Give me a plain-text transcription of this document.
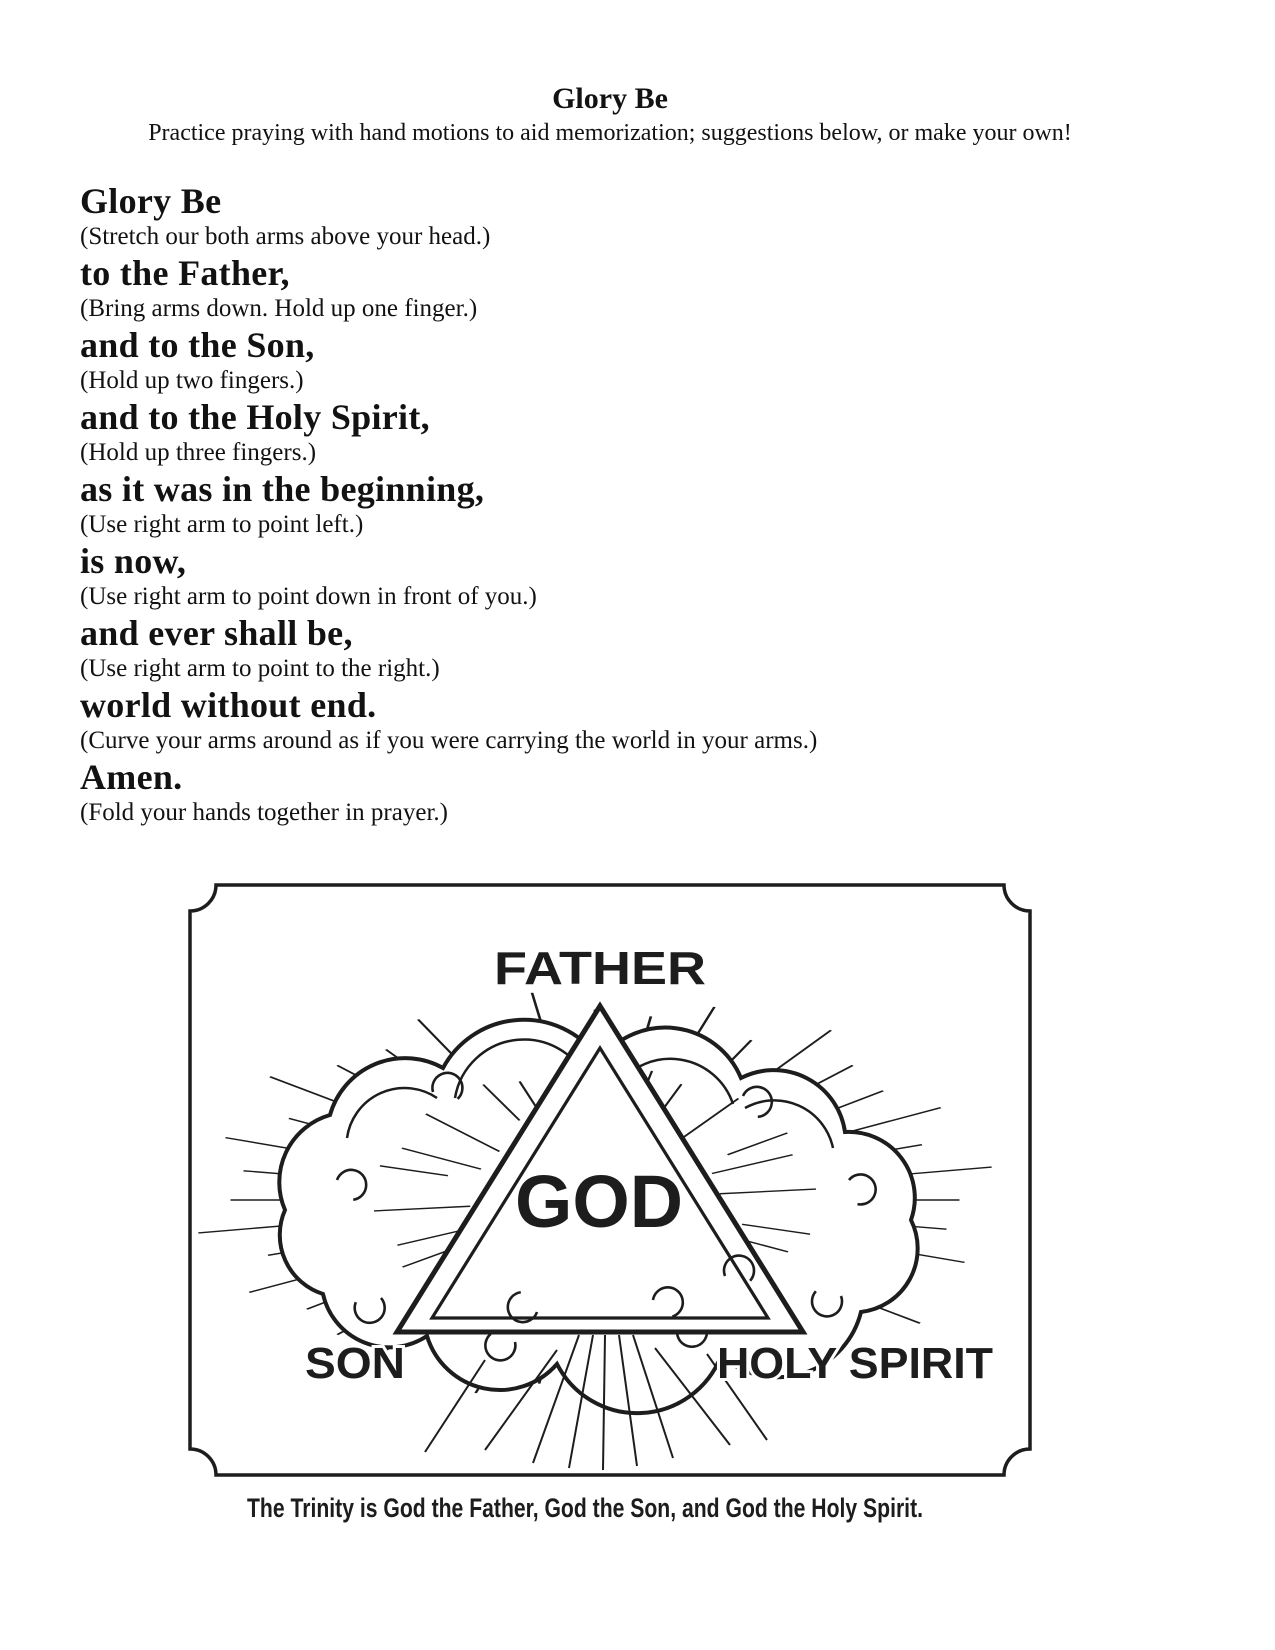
Glory Be
Practice praying with hand motions to aid memorization; suggestions below, or make your own!
Glory Be
(Stretch our both arms above your head.)
to the Father,
(Bring arms down. Hold up one finger.)
and to the Son,
(Hold up two fingers.)
and to the Holy Spirit,
(Hold up three fingers.)
as it was in the beginning,
(Use right arm to point left.)
is now,
(Use right arm to point down in front of you.)
and ever shall be,
(Use right arm to point to the right.)
world without end.
(Curve your arms around as if you were carrying the world in your arms.)
Amen.
(Fold your hands together in prayer.)
FATHER
GOD
SON	HOLY SPIRIT
The Trinity is God the Father, God the Son, and God the Holy Spirit.
